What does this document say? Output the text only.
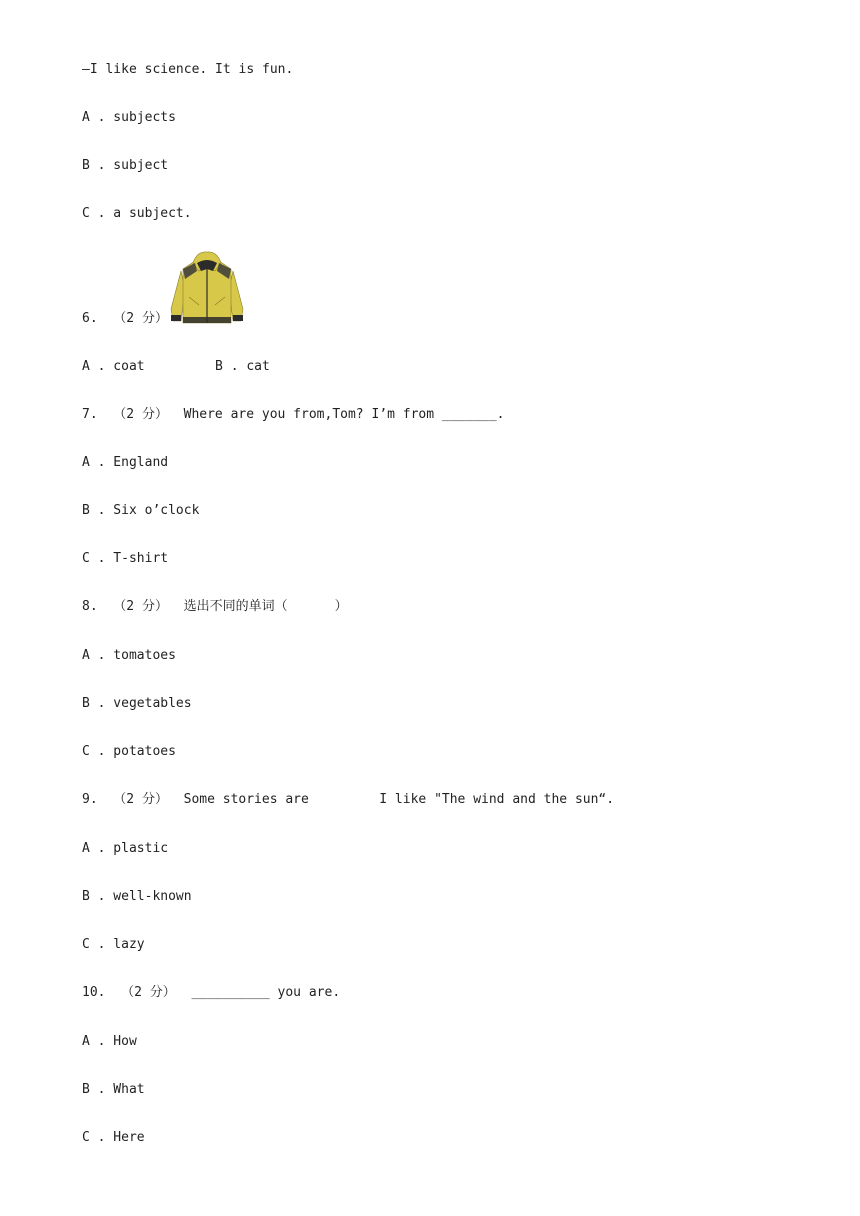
—I like science. It is fun.
A . subjects
B . subject
C . a subject.
6.  （2 分）
A . coat         B . cat
7.  （2 分）  Where are you from,Tom? I’m from _______.
A . England
B . Six o’clock
C . T-shirt
8.  （2 分）  选出不同的单词（      ）
A . tomatoes
B . vegetables
C . potatoes
9.  （2 分）  Some stories are         I like "The wind and the sun“.
A . plastic
B . well-known
C . lazy
10.  （2 分）  __________ you are.
A . How
B . What
C . Here
